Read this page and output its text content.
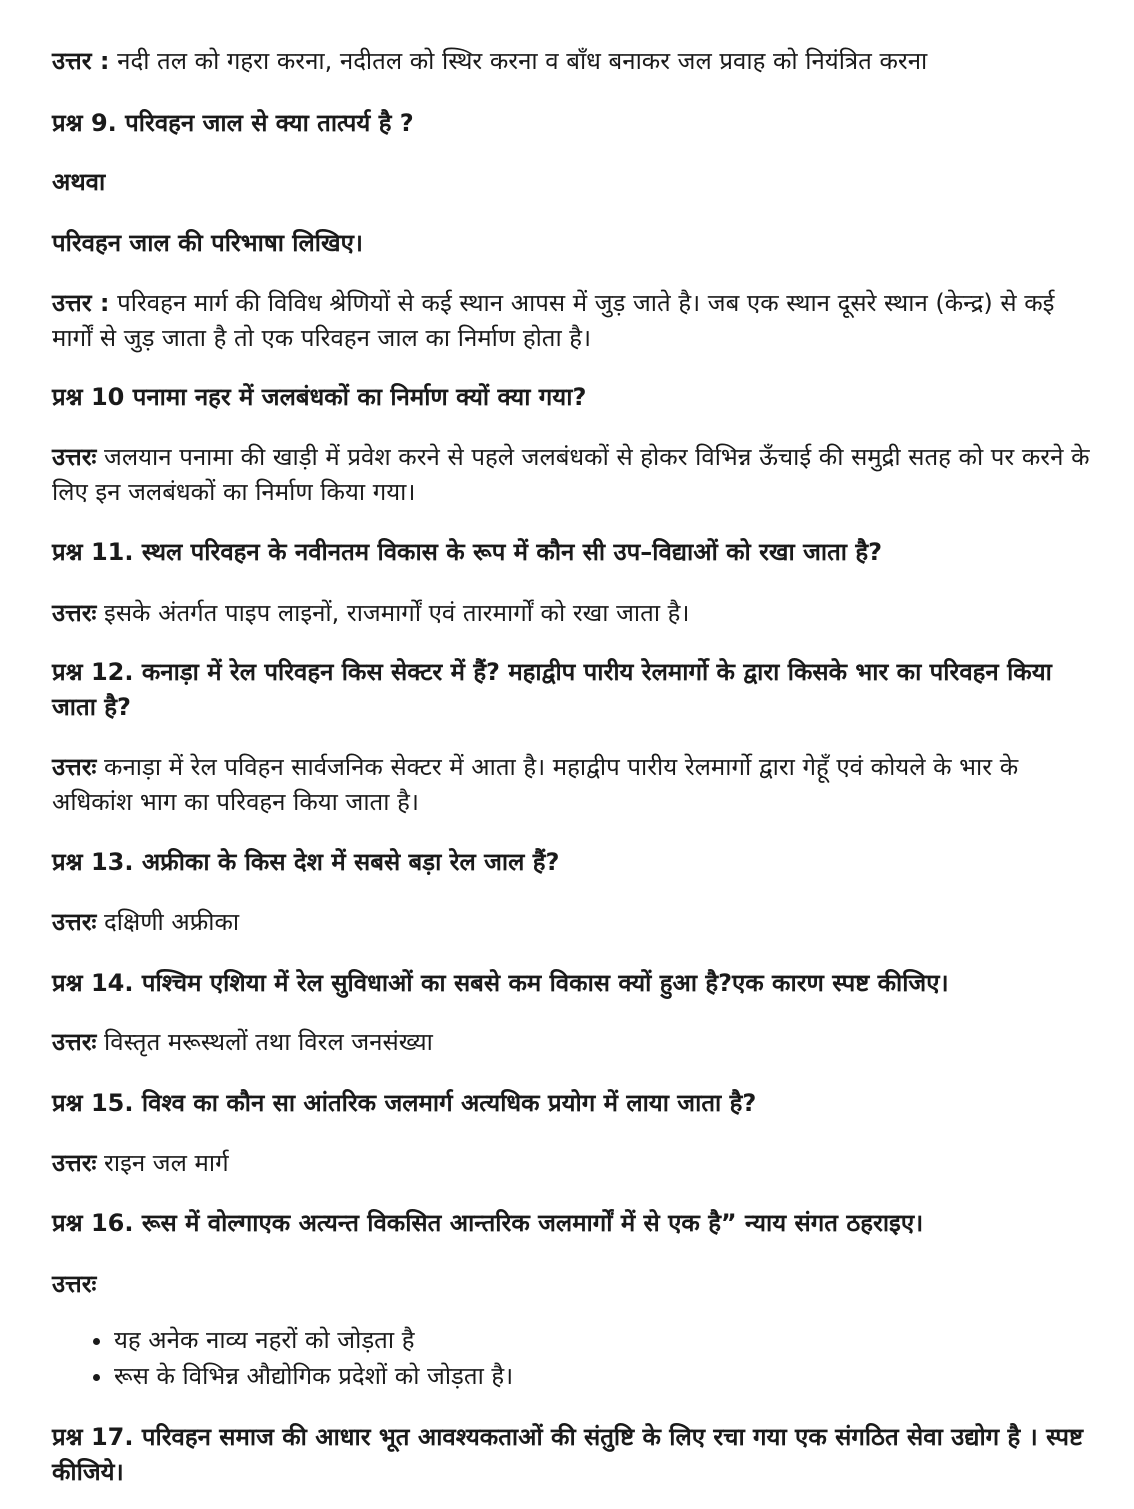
उत्तर : नदी तल को गहरा करना, नदीतल को स्थिर करना व बाँध बनाकर जल प्रवाह को नियंत्रित करना
प्रश्न 9. परिवहन जाल से क्या तात्पर्य है ?
अथवा
परिवहन जाल की परिभाषा लिखिए।
उत्तर : परिवहन मार्ग की विविध श्रेणियों से कई स्थान आपस में जुड़ जाते है। जब एक स्थान दूसरे स्थान (केन्द्र) से कई मार्गों से जुड़ जाता है तो एक परिवहन जाल का निर्माण होता है।
प्रश्न 10 पनामा नहर में जलबंधकों का निर्माण क्यों क्या गया?
उत्तरः जलयान पनामा की खाड़ी में प्रवेश करने से पहले जलबंधकों से होकर विभिन्न ऊँचाई की समुद्री सतह को पर करने के लिए इन जलबंधकों का निर्माण किया गया।
प्रश्न 11. स्थल परिवहन के नवीनतम विकास के रूप में कौन सी उप–विद्याओं को रखा जाता है?
उत्तरः इसके अंतर्गत पाइप लाइनों, राजमार्गों एवं तारमार्गों को रखा जाता है।
प्रश्न 12. कनाड़ा में रेल परिवहन किस सेक्टर में हैं? महाद्वीप पारीय रेलमार्गो के द्वारा किसके भार का परिवहन किया जाता है?
उत्तरः कनाड़ा में रेल पविहन सार्वजनिक सेक्टर में आता है। महाद्वीप पारीय रेलमार्गो द्वारा गेहूँ एवं कोयले के भार के अधिकांश भाग का परिवहन किया जाता है।
प्रश्न 13. अफ्रीका के किस देश में सबसे बड़ा रेल जाल हैं?
उत्तरः दक्षिणी अफ्रीका
प्रश्न 14. पश्चिम एशिया में रेल सुविधाओं का सबसे कम विकास क्यों हुआ है?एक कारण स्पष्ट कीजिए।
उत्तरः विस्तृत मरूस्थलों तथा विरल जनसंख्या
प्रश्न 15. विश्व का कौन सा आंतरिक जलमार्ग अत्यधिक प्रयोग में लाया जाता है?
उत्तरः राइन जल मार्ग
प्रश्न 16. रूस में वोल्गाएक अत्यन्त विकसित आन्तरिक जलमार्गों में से एक है” न्याय संगत ठहराइए।
उत्तरः
• यह अनेक नाव्य नहरों को जोड़ता है
• रूस के विभिन्न औद्योगिक प्रदेशों को जोड़ता है।
प्रश्न 17. परिवहन समाज की आधार भूत आवश्यकताओं की संतुष्टि के लिए रचा गया एक संगठित सेवा उद्योग है । स्पष्ट कीजिये।
